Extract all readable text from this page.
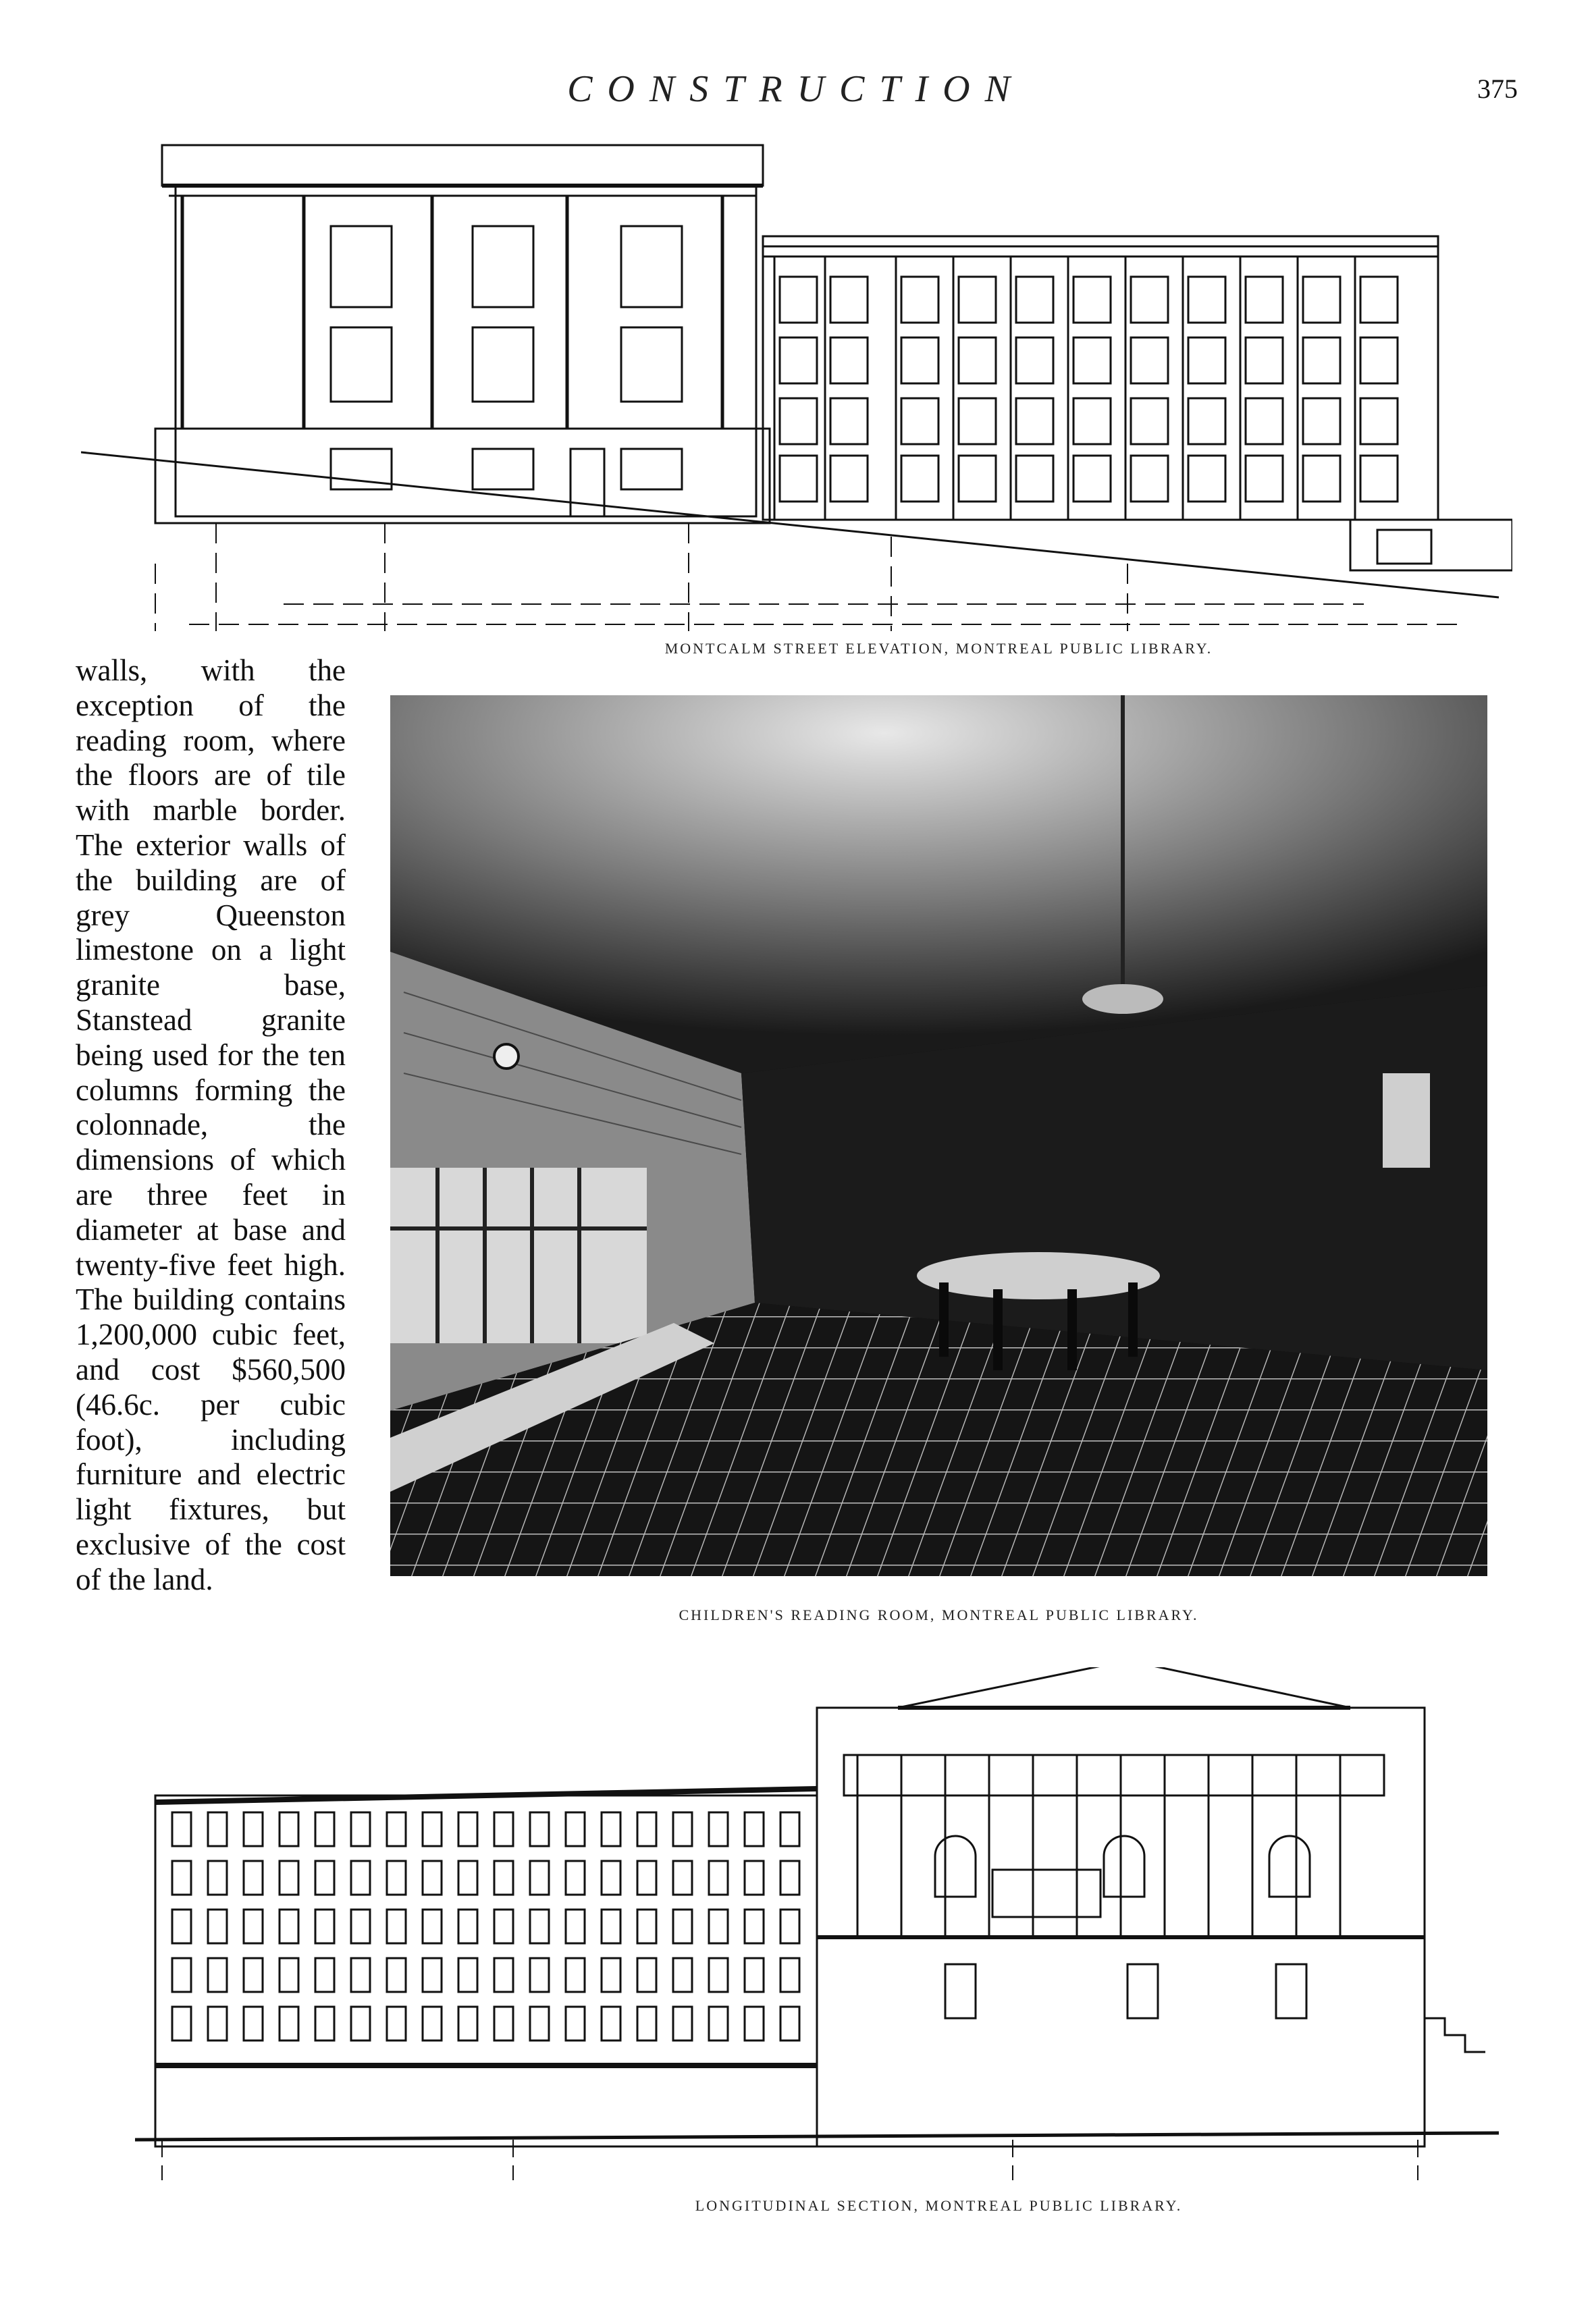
CONSTRUCTION	375
MONTCALM STREET ELEVATION, MONTREAL PUBLIC LIBRARY.
walls, with the exception of the reading room, where the floors are of tile with marble border. The exterior walls of the building are of grey Queenston limestone on a light granite base, Stanstead granite being used for the ten columns forming the colonnade, the dimensions of which are three feet in diameter at base and twenty-five feet high. The building contains 1,200,000 cubic feet, and cost $560,500 (46.6c. per cubic foot), including furniture and electric light fixtures, but exclusive of the cost of the land.
CHILDREN'S READING ROOM, MONTREAL PUBLIC LIBRARY.
LONGITUDINAL SECTION, MONTREAL PUBLIC LIBRARY.
